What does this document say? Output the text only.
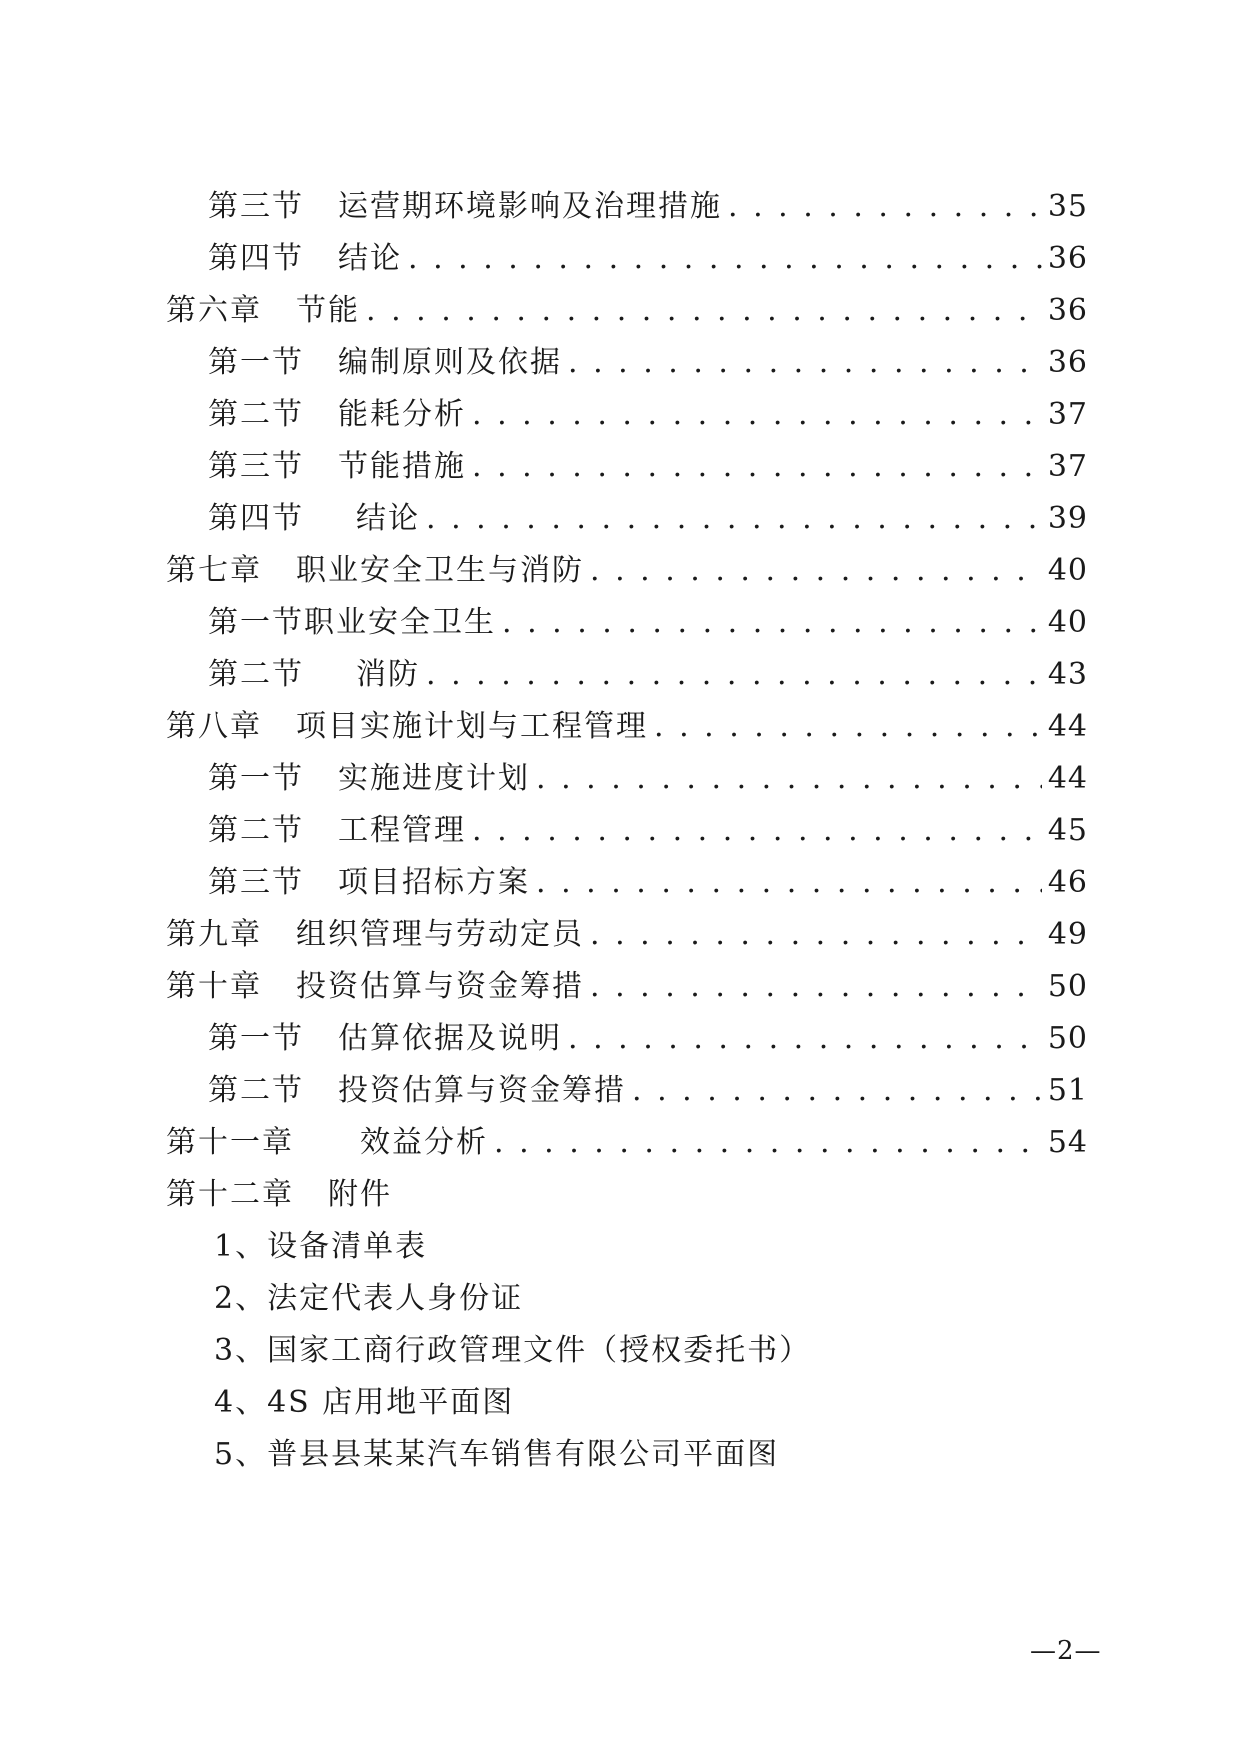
第三节 运营期环境影响及治理措施 . . .	35
第四节 结论 . . .	36
第六章 节能 . . .	36
第一节 编制原则及依据 . . .	36
第二节 能耗分析 . . .	37
第三节 节能措施 . . .	37
第四节 结论 . . .	39
第七章 职业安全卫生与消防 . . .	40
第一节职业安全卫生 . . .	40
第二节 消防 . . .	43
第八章 项目实施计划与工程管理 . . .	44
第一节 实施进度计划 . . .	44
第二节 工程管理 . . .	45
第三节 项目招标方案 . . .	46
第九章 组织管理与劳动定员 . . .	49
第十章 投资估算与资金筹措 . . .	50
第一节 估算依据及说明 . . .	50
第二节 投资估算与资金筹措 . . .	51
第十一章 效益分析 . . .	54
第十二章 附件
1、设备清单表
2、法定代表人身份证
3、国家工商行政管理文件（授权委托书）
4、4S 店用地平面图
5、普县县某某汽车销售有限公司平面图
—2—
